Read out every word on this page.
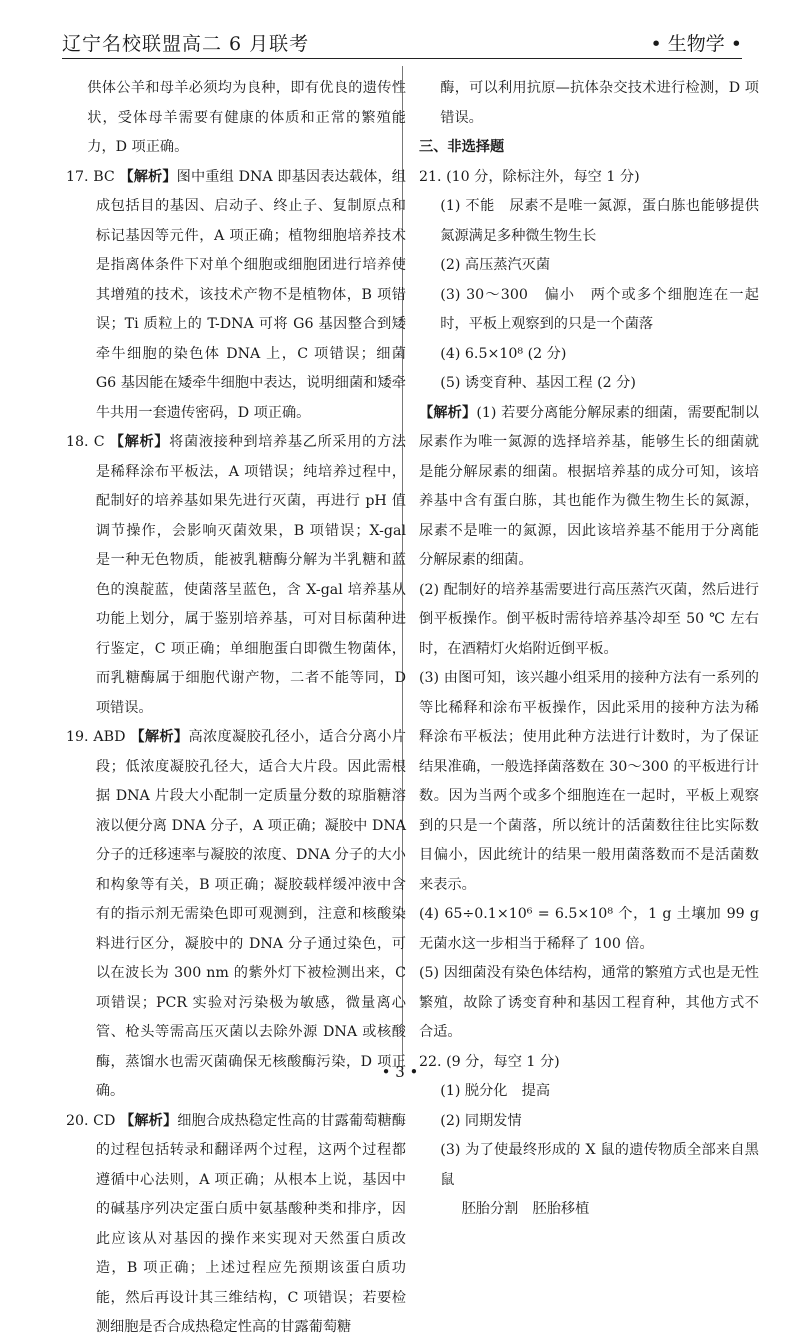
辽宁名校联盟高二 6 月联考	• 生物学 •

供体公羊和母羊必须均为良种，即有优良的遗传性状，受体母羊需要有健康的体质和正常的繁殖能力，D 项正确。

17. BC 【解析】图中重组 DNA 即基因表达载体，组成包括目的基因、启动子、终止子、复制原点和标记基因等元件，A 项正确；植物细胞培养技术是指离体条件下对单个细胞或细胞团进行培养使其增殖的技术，该技术产物不是植物体，B 项错误；Ti 质粒上的 T-DNA 可将 G6 基因整合到矮牵牛细胞的染色体 DNA 上，C 项错误；细菌 G6 基因能在矮牵牛细胞中表达，说明细菌和矮牵牛共用一套遗传密码，D 项正确。

18. C 【解析】将菌液接种到培养基乙所采用的方法是稀释涂布平板法，A 项错误；纯培养过程中，配制好的培养基如果先进行灭菌，再进行 pH 值调节操作，会影响灭菌效果，B 项错误；X-gal 是一种无色物质，能被乳糖酶分解为半乳糖和蓝色的溴靛蓝，使菌落呈蓝色，含 X-gal 培养基从功能上划分，属于鉴别培养基，可对目标菌种进行鉴定，C 项正确；单细胞蛋白即微生物菌体，而乳糖酶属于细胞代谢产物，二者不能等同，D 项错误。

19. ABD 【解析】高浓度凝胶孔径小，适合分离小片段；低浓度凝胶孔径大，适合大片段。因此需根据 DNA 片段大小配制一定质量分数的琼脂糖溶液以便分离 DNA 分子，A 项正确；凝胶中 DNA 分子的迁移速率与凝胶的浓度、DNA 分子的大小和构象等有关，B 项正确；凝胶载样缓冲液中含有的指示剂无需染色即可观测到，注意和核酸染料进行区分，凝胶中的 DNA 分子通过染色，可以在波长为 300 nm 的紫外灯下被检测出来，C 项错误；PCR 实验对污染极为敏感，微量离心管、枪头等需高压灭菌以去除外源 DNA 或核酸酶，蒸馏水也需灭菌确保无核酸酶污染，D 项正确。

20. CD 【解析】细胞合成热稳定性高的甘露葡萄糖酶的过程包括转录和翻译两个过程，这两个过程都遵循中心法则，A 项正确；从根本上说，基因中的碱基序列决定蛋白质中氨基酸种类和排序，因此应该从对基因的操作来实现对天然蛋白质改造，B 项正确；上述过程应先预期该蛋白质功能，然后再设计其三维结构，C 项错误；若要检测细胞是否合成热稳定性高的甘露葡萄糖

酶，可以利用抗原—抗体杂交技术进行检测，D 项错误。

三、非选择题

21. (10 分，除标注外，每空 1 分)

(1) 不能　尿素不是唯一氮源，蛋白胨也能够提供氮源满足多种微生物生长

(2) 高压蒸汽灭菌

(3) 30～300　偏小　两个或多个细胞连在一起时，平板上观察到的只是一个菌落

(4) 6.5×10⁸ (2 分)

(5) 诱变育种、基因工程 (2 分)

【解析】(1) 若要分离能分解尿素的细菌，需要配制以尿素作为唯一氮源的选择培养基，能够生长的细菌就是能分解尿素的细菌。根据培养基的成分可知，该培养基中含有蛋白胨，其也能作为微生物生长的氮源，尿素不是唯一的氮源，因此该培养基不能用于分离能分解尿素的细菌。

(2) 配制好的培养基需要进行高压蒸汽灭菌，然后进行倒平板操作。倒平板时需待培养基冷却至 50 ℃ 左右时，在酒精灯火焰附近倒平板。

(3) 由图可知，该兴趣小组采用的接种方法有一系列的等比稀释和涂布平板操作，因此采用的接种方法为稀释涂布平板法；使用此种方法进行计数时，为了保证结果准确，一般选择菌落数在 30～300 的平板进行计数。因为当两个或多个细胞连在一起时，平板上观察到的只是一个菌落，所以统计的活菌数往往比实际数目偏小，因此统计的结果一般用菌落数而不是活菌数来表示。

(4) 65÷0.1×10⁶ = 6.5×10⁸ 个，1 g 土壤加 99 g 无菌水这一步相当于稀释了 100 倍。

(5) 因细菌没有染色体结构，通常的繁殖方式也是无性繁殖，故除了诱变育种和基因工程育种，其他方式不合适。

22. (9 分，每空 1 分)

(1) 脱分化　提高

(2) 同期发情

(3) 为了使最终形成的 X 鼠的遗传物质全部来自黑鼠

胚胎分割　胚胎移植

• 3 •
